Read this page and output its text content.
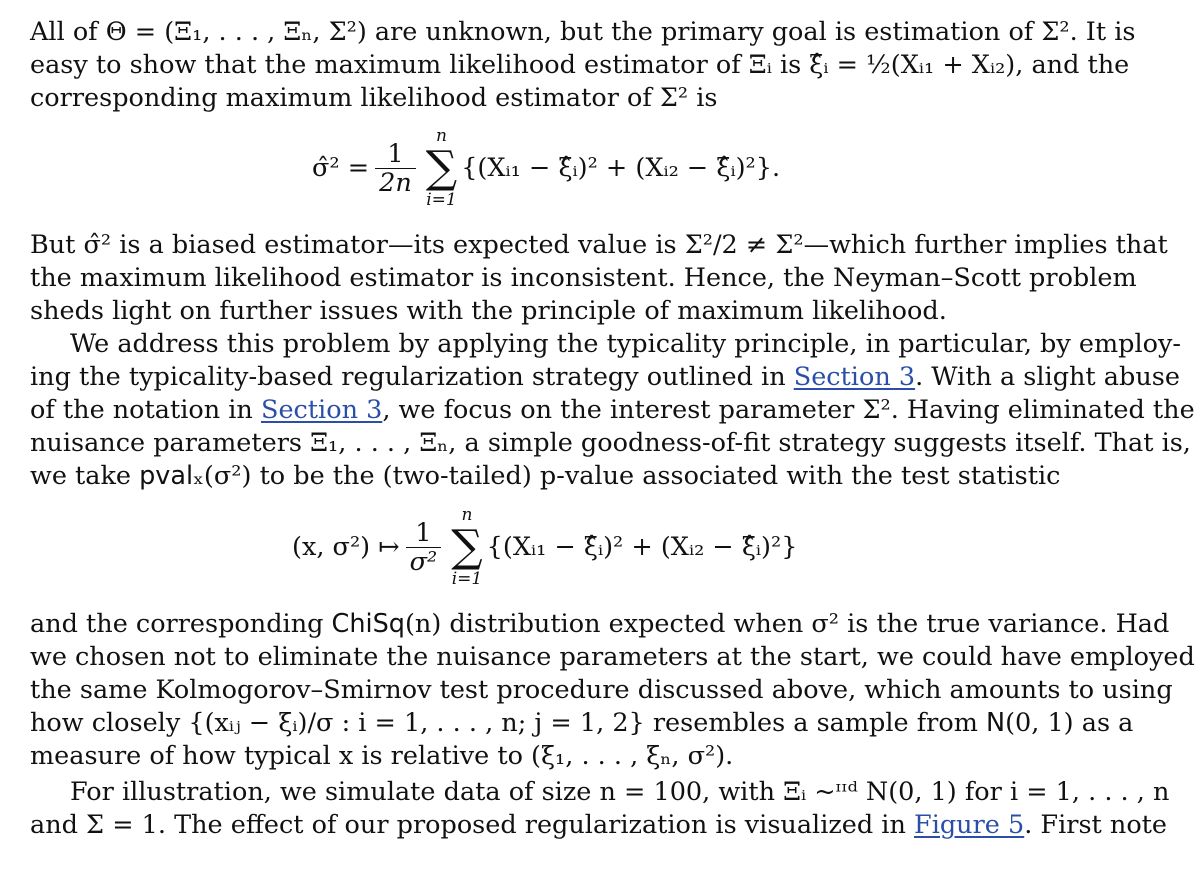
All of Θ = (Ξ₁, . . . , Ξₙ, Σ²) are unknown, but the primary goal is estimation of Σ². It is
easy to show that the maximum likelihood estimator of Ξᵢ is ξ̂ᵢ = ½(Xᵢ₁ + Xᵢ₂), and the
corresponding maximum likelihood estimator of Σ² is
σ̂² = $\frac{1}{2n}$
n
∑
i=1
{(Xᵢ₁ − ξ̂ᵢ)² + (Xᵢ₂ − ξ̂ᵢ)²}.
But σ̂² is a biased estimator—its expected value is Σ²/2 ≠ Σ²—which further implies that
the maximum likelihood estimator is inconsistent. Hence, the Neyman–Scott problem
sheds light on further issues with the principle of maximum likelihood.
We address this problem by applying the typicality principle, in particular, by employ-
ing the typicality-based regularization strategy outlined in Section 3. With a slight abuse
of the notation in Section 3, we focus on the interest parameter Σ². Having eliminated the
nuisance parameters Ξ₁, . . . , Ξₙ, a simple goodness-of-fit strategy suggests itself. That is,
we take pvalₓ(σ²) to be the (two-tailed) p-value associated with the test statistic
(x, σ²) ↦ $\frac{1}{\text{σ²}}$
n
∑
i=1
{(Xᵢ₁ − ξ̂ᵢ)² + (Xᵢ₂ − ξ̂ᵢ)²}
and the corresponding ChiSq(n) distribution expected when σ² is the true variance. Had
we chosen not to eliminate the nuisance parameters at the start, we could have employed
the same Kolmogorov–Smirnov test procedure discussed above, which amounts to using
how closely {(xᵢⱼ − ξᵢ)/σ : i = 1, . . . , n; j = 1, 2} resembles a sample from N(0, 1) as a
measure of how typical x is relative to (ξ₁, . . . , ξₙ, σ²).
For illustration, we simulate data of size n = 100, with Ξᵢ ~ᶦᶦᵈ N(0, 1) for i = 1, . . . , n
and Σ = 1. The effect of our proposed regularization is visualized in Figure 5. First note
